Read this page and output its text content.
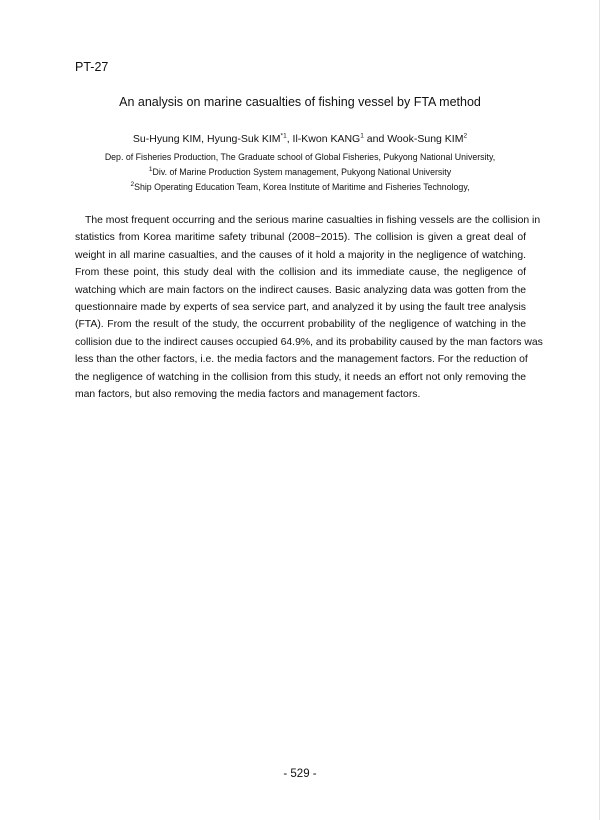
PT-27
An analysis on marine casualties of fishing vessel by FTA method
Su-Hyung KIM, Hyung-Suk KIM$^{*1}$, Il-Kwon KANG$^1$ and Wook-Sung KIM$^2$
Dep. of Fisheries Production, The Graduate school of Global Fisheries, Pukyong National University,
$^1$Div. of Marine Production System management, Pukyong National University
$^2$Ship Operating Education Team, Korea Institute of Maritime and Fisheries Technology,
The most frequent occurring and the serious marine casualties in fishing vessels are the collision in
statistics from Korea maritime safety tribunal (2008~2015). The collision is given a great deal of
weight in all marine casualties, and the causes of it hold a majority in the negligence of watching.
From these point, this study deal with the collision and its immediate cause, the negligence of
watching which are main factors on the indirect causes. Basic analyzing data was gotten from the
questionnaire made by experts of sea service part, and analyzed it by using the fault tree analysis
(FTA). From the result of the study, the occurrent probability of the negligence of watching in the
collision due to the indirect causes occupied 64.9%, and its probability caused by the man factors was
less than the other factors, i.e. the media factors and the management factors. For the reduction of
the negligence of watching in the collision from this study, it needs an effort not only removing the
man factors, but also removing the media factors and management factors.
- 529 -
